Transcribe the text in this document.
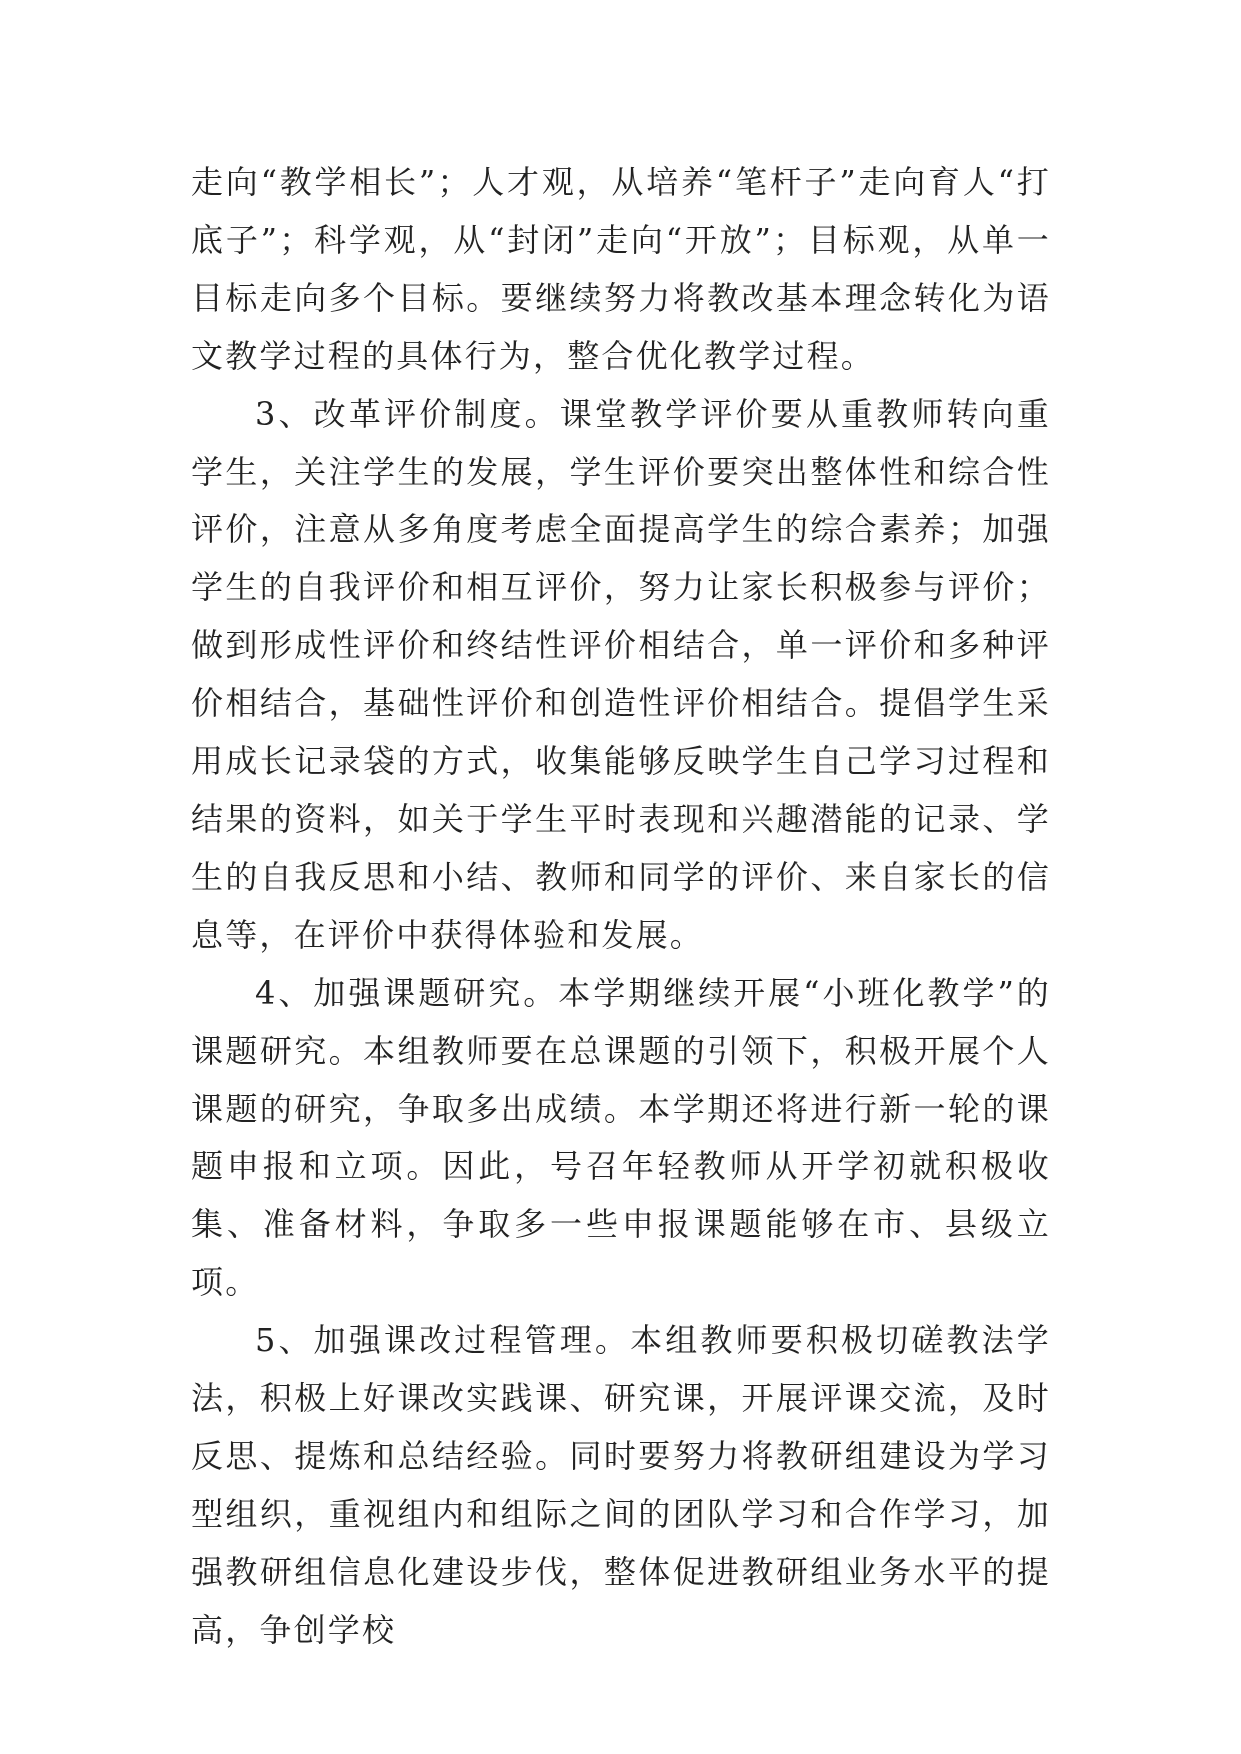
走向“教学相长”；人才观，从培养“笔杆子”走向育人“打底子”；科学观，从“封闭”走向“开放”；目标观，从单一目标走向多个目标。要继续努力将教改基本理念转化为语文教学过程的具体行为，整合优化教学过程。

3、改革评价制度。课堂教学评价要从重教师转向重学生，关注学生的发展，学生评价要突出整体性和综合性评价，注意从多角度考虑全面提高学生的综合素养；加强学生的自我评价和相互评价，努力让家长积极参与评价；做到形成性评价和终结性评价相结合，单一评价和多种评价相结合，基础性评价和创造性评价相结合。提倡学生采用成长记录袋的方式，收集能够反映学生自己学习过程和结果的资料，如关于学生平时表现和兴趣潜能的记录、学生的自我反思和小结、教师和同学的评价、来自家长的信息等，在评价中获得体验和发展。

4、加强课题研究。本学期继续开展“小班化教学”的课题研究。本组教师要在总课题的引领下，积极开展个人课题的研究，争取多出成绩。本学期还将进行新一轮的课题申报和立项。因此，号召年轻教师从开学初就积极收集、准备材料，争取多一些申报课题能够在市、县级立项。

5、加强课改过程管理。本组教师要积极切磋教法学法，积极上好课改实践课、研究课，开展评课交流，及时反思、提炼和总结经验。同时要努力将教研组建设为学习型组织，重视组内和组际之间的团队学习和合作学习，加强教研组信息化建设步伐，整体促进教研组业务水平的提高，争创学校
